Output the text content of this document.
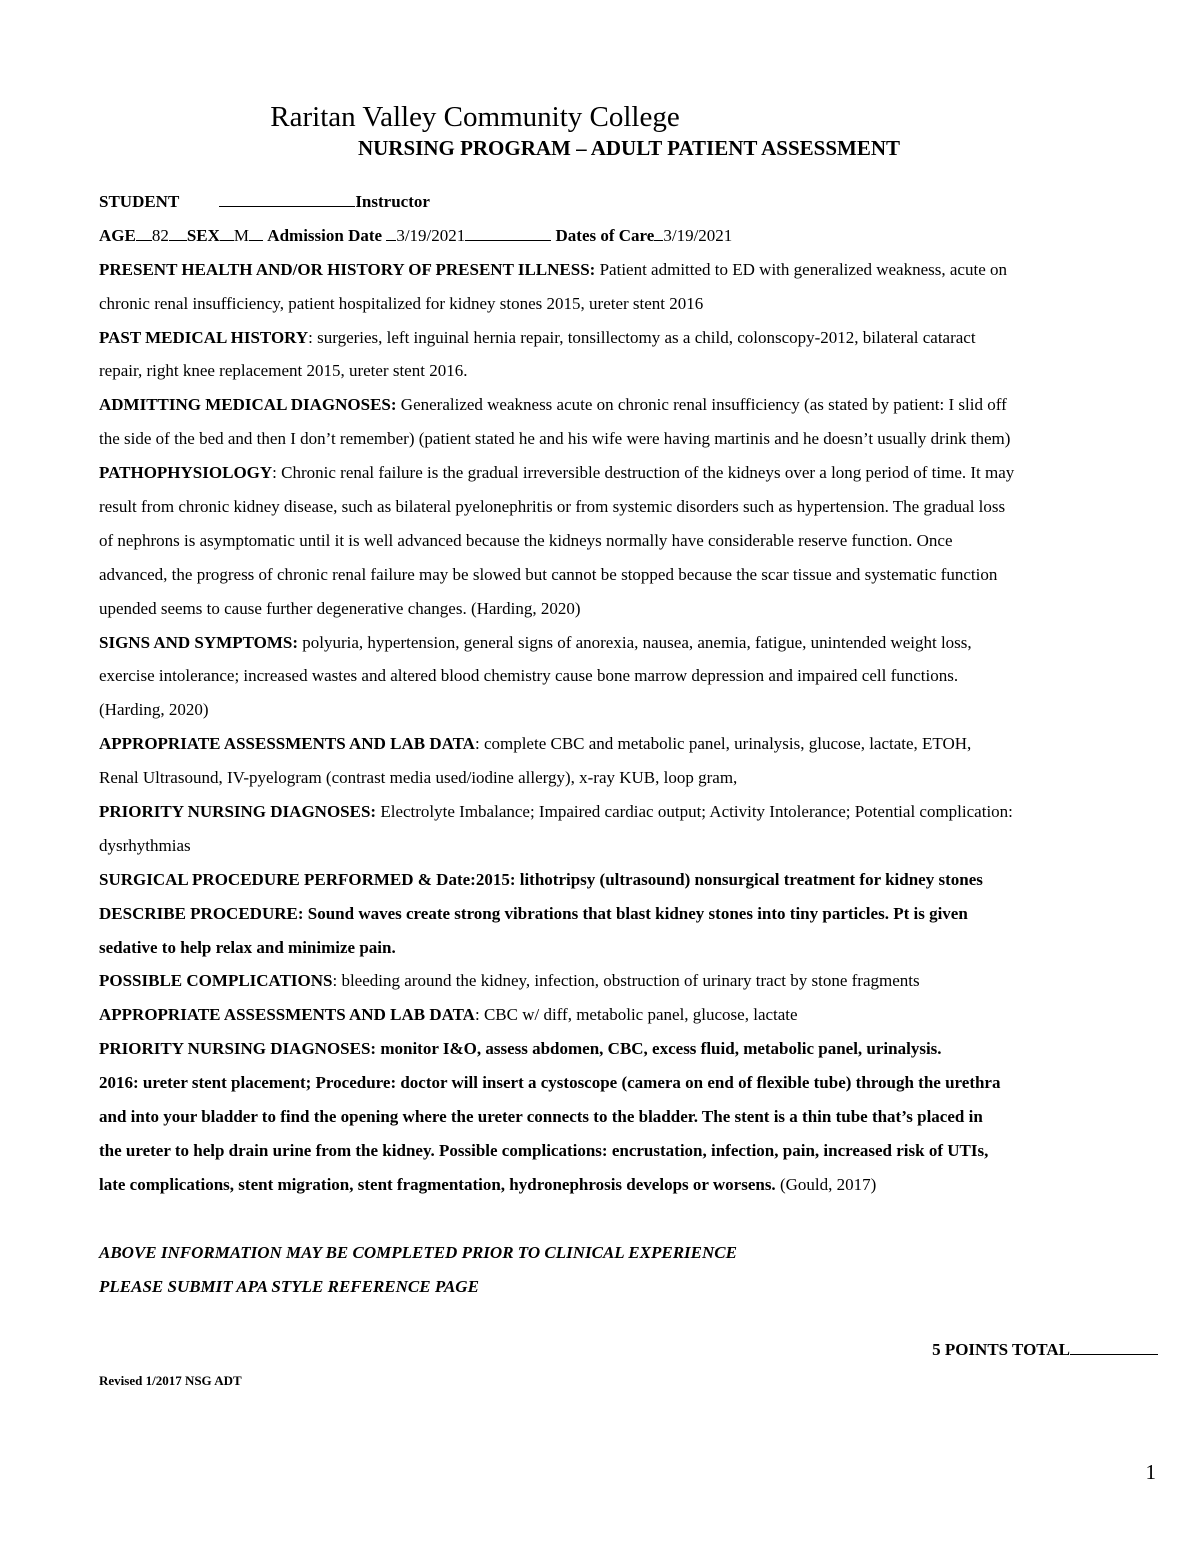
Raritan Valley Community College
NURSING PROGRAM – ADULT PATIENT ASSESSMENT
STUDENT	Instructor
AGE 82 SEX M Admission Date 3/19/2021	Dates of Care 3/19/2021
PRESENT HEALTH AND/OR HISTORY OF PRESENT ILLNESS: Patient admitted to ED with generalized weakness, acute on
chronic renal insufficiency, patient hospitalized for kidney stones 2015, ureter stent 2016
PAST MEDICAL HISTORY: surgeries, left inguinal hernia repair, tonsillectomy as a child, colonscopy-2012, bilateral cataract
repair, right knee replacement 2015, ureter stent 2016.
ADMITTING MEDICAL DIAGNOSES: Generalized weakness acute on chronic renal insufficiency (as stated by patient: I slid off
the side of the bed and then I don’t remember) (patient stated he and his wife were having martinis and he doesn’t usually drink them)
PATHOPHYSIOLOGY: Chronic renal failure is the gradual irreversible destruction of the kidneys over a long period of time. It may
result from chronic kidney disease, such as bilateral pyelonephritis or from systemic disorders such as hypertension. The gradual loss
of nephrons is asymptomatic until it is well advanced because the kidneys normally have considerable reserve function. Once
advanced, the progress of chronic renal failure may be slowed but cannot be stopped because the scar tissue and systematic function
upended seems to cause further degenerative changes. (Harding, 2020)
SIGNS AND SYMPTOMS: polyuria, hypertension, general signs of anorexia, nausea, anemia, fatigue, unintended weight loss,
exercise intolerance; increased wastes and altered blood chemistry cause bone marrow depression and impaired cell functions.
(Harding, 2020)
APPROPRIATE ASSESSMENTS AND LAB DATA: complete CBC and metabolic panel, urinalysis, glucose, lactate, ETOH,
Renal Ultrasound, IV-pyelogram (contrast media used/iodine allergy), x-ray KUB, loop gram,
PRIORITY NURSING DIAGNOSES: Electrolyte Imbalance; Impaired cardiac output; Activity Intolerance; Potential complication:
dysrhythmias
SURGICAL PROCEDURE PERFORMED & Date:2015: lithotripsy (ultrasound) nonsurgical treatment for kidney stones
DESCRIBE PROCEDURE: Sound waves create strong vibrations that blast kidney stones into tiny particles. Pt is given
sedative to help relax and minimize pain.
POSSIBLE COMPLICATIONS: bleeding around the kidney, infection, obstruction of urinary tract by stone fragments
APPROPRIATE ASSESSMENTS AND LAB DATA: CBC w/ diff, metabolic panel, glucose, lactate
PRIORITY NURSING DIAGNOSES: monitor I&O, assess abdomen, CBC, excess fluid, metabolic panel, urinalysis.
2016: ureter stent placement; Procedure: doctor will insert a cystoscope (camera on end of flexible tube) through the urethra
and into your bladder to find the opening where the ureter connects to the bladder. The stent is a thin tube that’s placed in
the ureter to help drain urine from the kidney. Possible complications: encrustation, infection, pain, increased risk of UTIs,
late complications, stent migration, stent fragmentation, hydronephrosis develops or worsens. (Gould, 2017)
ABOVE INFORMATION MAY BE COMPLETED PRIOR TO CLINICAL EXPERIENCE
PLEASE SUBMIT APA STYLE REFERENCE PAGE
5 POINTS TOTAL
Revised 1/2017 NSG ADT
1
